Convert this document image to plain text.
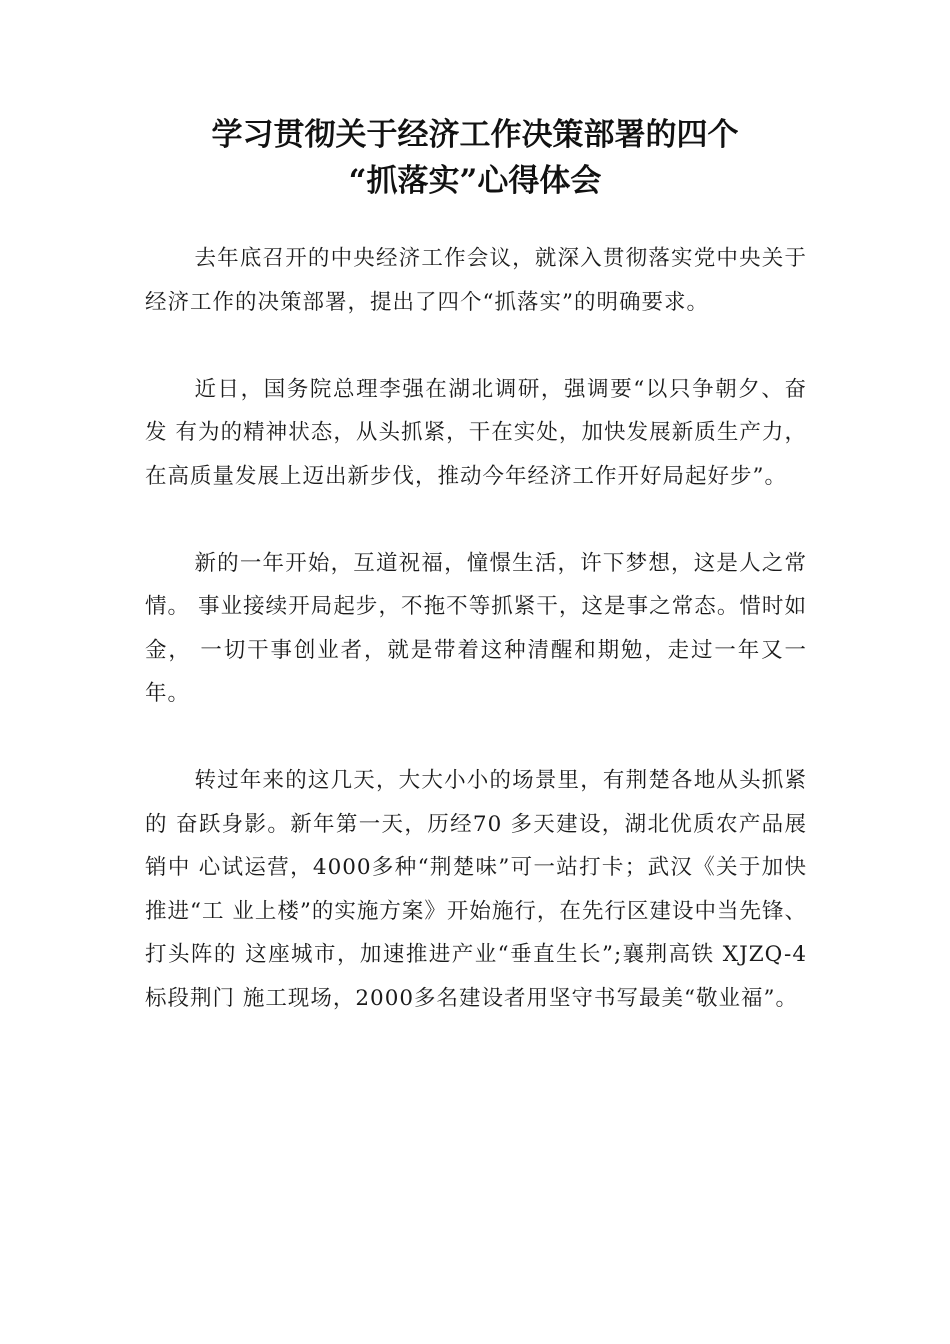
学习贯彻关于经济工作决策部署的四个
“抓落实”心得体会

去年底召开的中央经济工作会议，就深入贯彻落实党中央关于经济工作的决策部署，提出了四个“抓落实”的明确要求。

近日，国务院总理李强在湖北调研，强调要“以只争朝夕、奋发 有为的精神状态，从头抓紧，干在实处，加快发展新质生产力，在高质量发展上迈出新步伐，推动今年经济工作开好局起好步”。

新的一年开始，互道祝福，憧憬生活，许下梦想，这是人之常情。 事业接续开局起步，不拖不等抓紧干，这是事之常态。惜时如金， 一切干事创业者，就是带着这种清醒和期勉，走过一年又一年。

转过年来的这几天，大大小小的场景里，有荆楚各地从头抓紧的 奋跃身影。新年第一天，历经70 多天建设，湖北优质农产品展销中 心试运营，4000多种“荆楚味”可一站打卡；武汉《关于加快推进“工 业上楼”的实施方案》开始施行，在先行区建设中当先锋、打头阵的 这座城市，加速推进产业“垂直生长”;襄荆高铁 XJZQ-4 标段荆门 施工现场，2000多名建设者用坚守书写最美“敬业福”。
